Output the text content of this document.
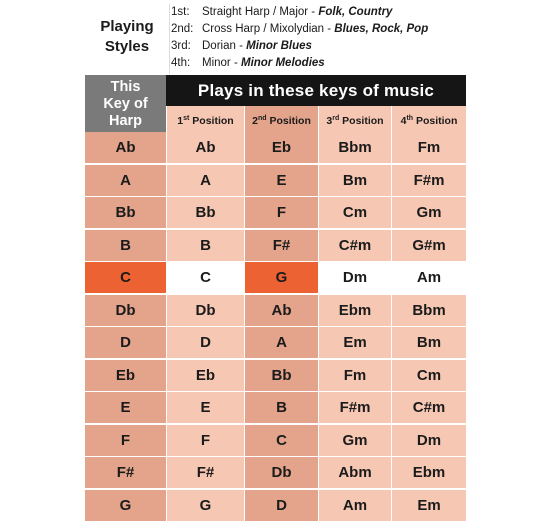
Playing
Styles
1st: Straight Harp / Major - Folk, Country
2nd: Cross Harp / Mixolydian - Blues, Rock, Pop
3rd: Dorian - Minor Blues
4th: Minor - Minor Melodies
This
Key of
Harp
Plays in these keys of music
1st Position	2nd Position	3rd Position	4th Position
Ab	Ab	Eb	Bbm	Fm
A	A	E	Bm	F#m
Bb	Bb	F	Cm	Gm
B	B	F#	C#m	G#m
C	C	G	Dm	Am
Db	Db	Ab	Ebm	Bbm
D	D	A	Em	Bm
Eb	Eb	Bb	Fm	Cm
E	E	B	F#m	C#m
F	F	C	Gm	Dm
F#	F#	Db	Abm	Ebm
G	G	D	Am	Em
